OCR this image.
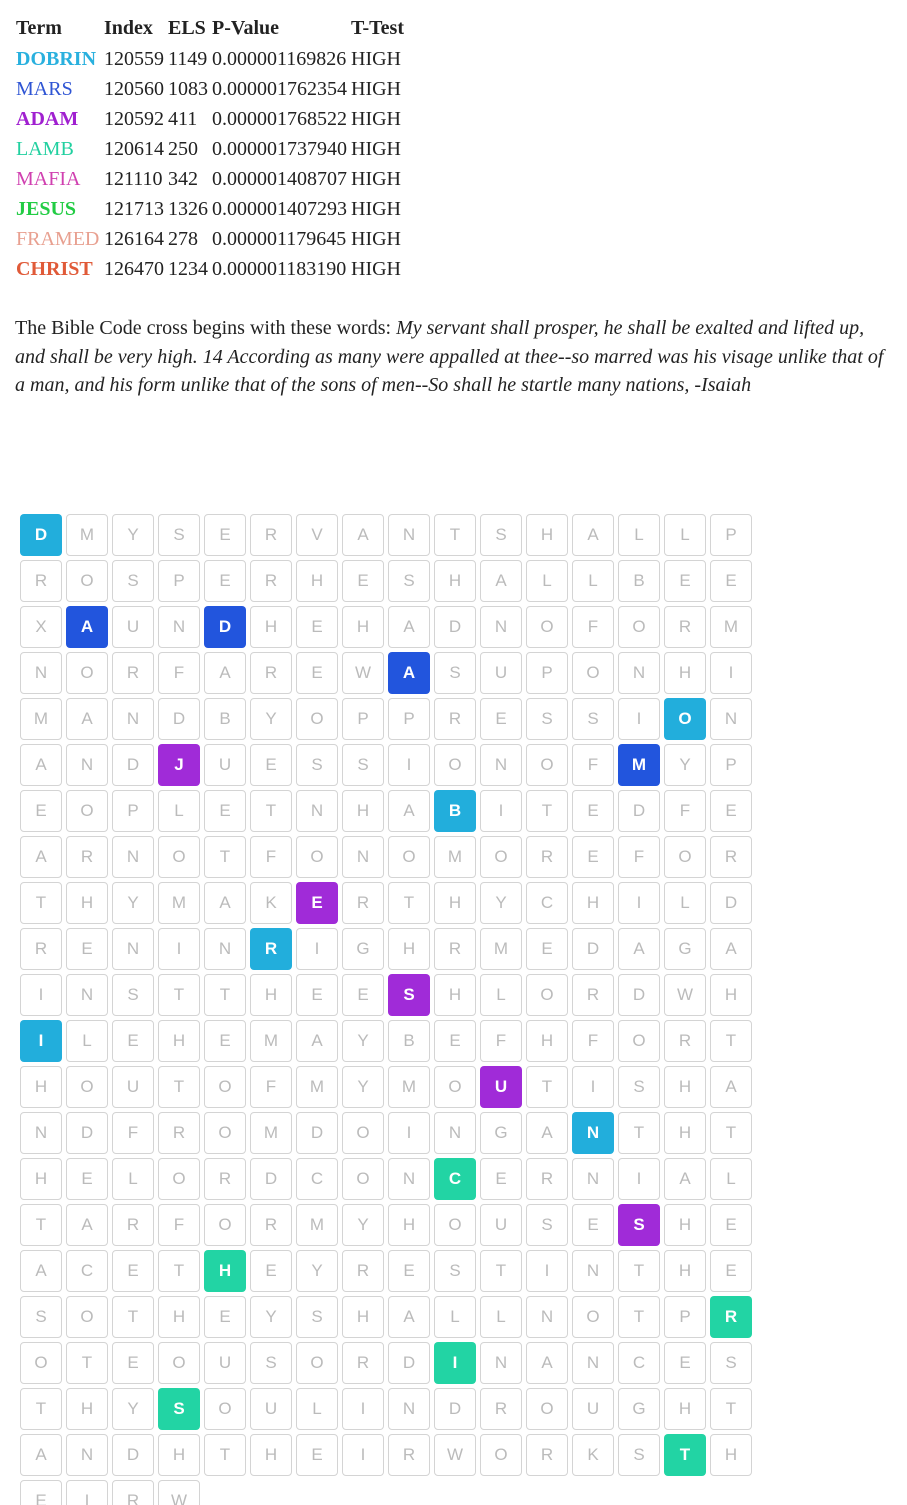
Term	Index	ELS	P-Value	T-Test
DOBRIN	120559	1149	0.000001169826	HIGH
MARS	120560	1083	0.000001762354	HIGH
ADAM	120592	411	0.000001768522	HIGH
LAMB	120614	250	0.000001737940	HIGH
MAFIA	121110	342	0.000001408707	HIGH
JESUS	121713	1326	0.000001407293	HIGH
FRAMED	126164	278	0.000001179645	HIGH
CHRIST	126470	1234	0.000001183190	HIGH

The Bible Code cross begins with these words: My servant shall prosper, he shall be exalted and lifted up, and shall be very high. 14 According as many were appalled at thee--so marred was his visage unlike that of a man, and his form unlike that of the sons of men--So shall he startle many nations, -Isaiah

D	M	Y	S	E	R	V	A	N	T	S	H	A	L	L	P
R	O	S	P	E	R	H	E	S	H	A	L	L	B	E	E
X	A	U	N	D	H	E	H	A	D	N	O	F	O	R	M
N	O	R	F	A	R	E	W	A	S	U	P	O	N	H	I
M	A	N	D	B	Y	O	P	P	R	E	S	S	I	O	N
A	N	D	J	U	E	S	S	I	O	N	O	F	M	Y	P
E	O	P	L	E	T	N	H	A	B	I	T	E	D	F	E
A	R	N	O	T	F	O	N	O	M	O	R	E	F	O	R
T	H	Y	M	A	K	E	R	T	H	Y	C	H	I	L	D
R	E	N	I	N	R	I	G	H	R	M	E	D	A	G	A
I	N	S	T	T	H	E	E	S	H	L	O	R	D	W	H
I	L	E	H	E	M	A	Y	B	E	F	H	F	O	R	T
H	O	U	T	O	F	M	Y	M	O	U	T	I	S	H	A
N	D	F	R	O	M	D	O	I	N	G	A	N	T	H	T
H	E	L	O	R	D	C	O	N	C	E	R	N	I	A	L
T	A	R	F	O	R	M	Y	H	O	U	S	E	S	H	E
A	C	E	T	H	E	Y	R	E	S	T	I	N	T	H	E
S	O	T	H	E	Y	S	H	A	L	L	N	O	T	P	R
O	T	E	O	U	S	O	R	D	I	N	A	N	C	E	S
T	H	Y	S	O	U	L	I	N	D	R	O	U	G	H	T
A	N	D	H	T	H	E	I	R	W	O	R	K	S	T	H
E	I	R	W
